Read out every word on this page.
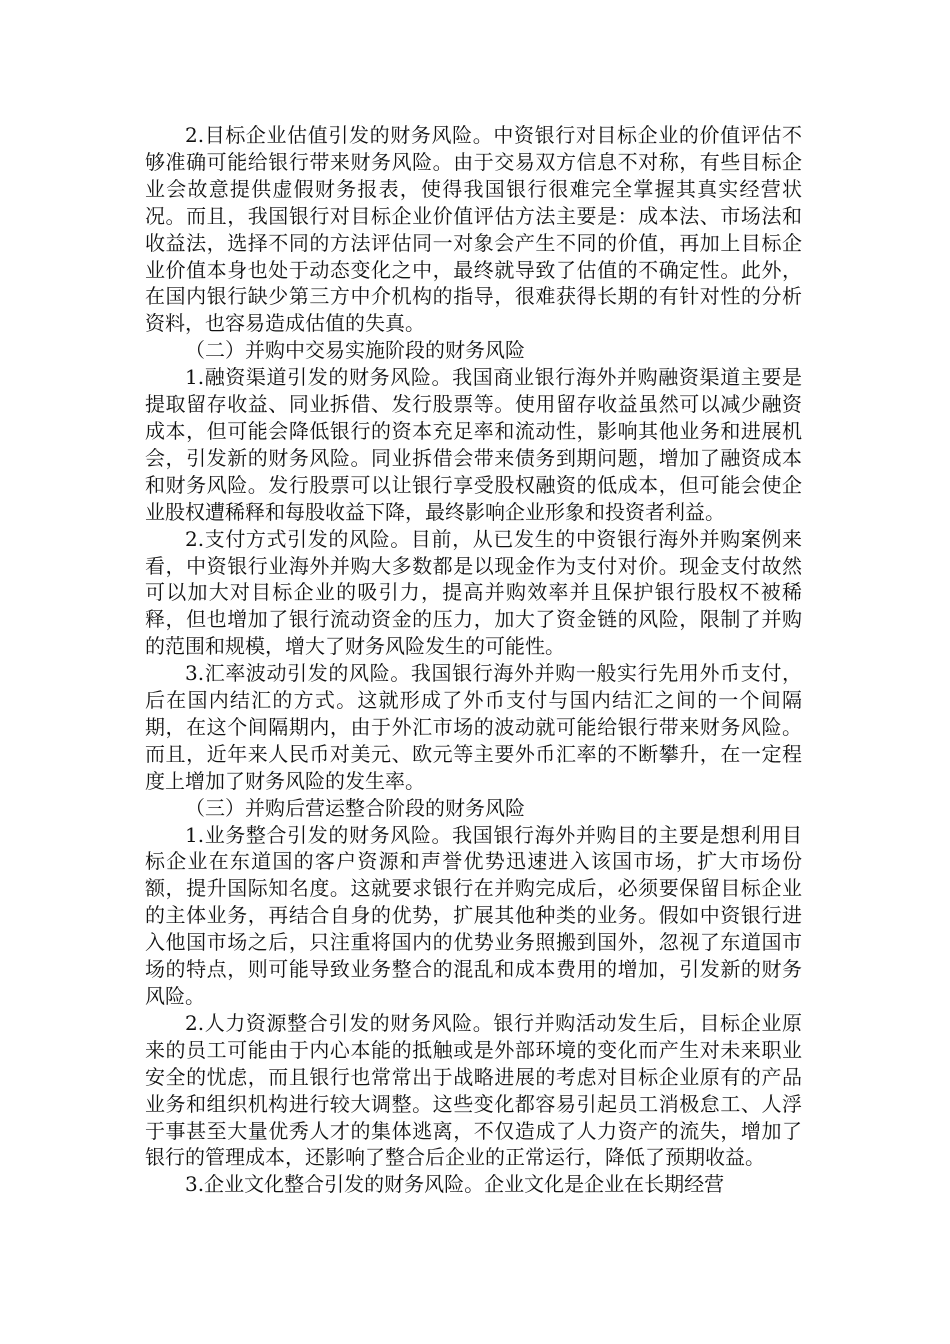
2.目标企业估值引发的财务风险。中资银行对目标企业的价值评估不够准确可能给银行带来财务风险。由于交易双方信息不对称，有些目标企业会故意提供虚假财务报表，使得我国银行很难完全掌握其真实经营状况。而且，我国银行对目标企业价值评估方法主要是：成本法、市场法和收益法，选择不同的方法评估同一对象会产生不同的价值，再加上目标企业价值本身也处于动态变化之中，最终就导致了估值的不确定性。此外，在国内银行缺少第三方中介机构的指导，很难获得长期的有针对性的分析资料，也容易造成估值的失真。

（二）并购中交易实施阶段的财务风险

1.融资渠道引发的财务风险。我国商业银行海外并购融资渠道主要是提取留存收益、同业拆借、发行股票等。使用留存收益虽然可以减少融资成本，但可能会降低银行的资本充足率和流动性，影响其他业务和进展机会，引发新的财务风险。同业拆借会带来债务到期问题，增加了融资成本和财务风险。发行股票可以让银行享受股权融资的低成本，但可能会使企业股权遭稀释和每股收益下降，最终影响企业形象和投资者利益。

2.支付方式引发的风险。目前，从已发生的中资银行海外并购案例来看，中资银行业海外并购大多数都是以现金作为支付对价。现金支付故然可以加大对目标企业的吸引力，提高并购效率并且保护银行股权不被稀释，但也增加了银行流动资金的压力，加大了资金链的风险，限制了并购的范围和规模，增大了财务风险发生的可能性。

3.汇率波动引发的风险。我国银行海外并购一般实行先用外币支付，后在国内结汇的方式。这就形成了外币支付与国内结汇之间的一个间隔期，在这个间隔期内，由于外汇市场的波动就可能给银行带来财务风险。而且，近年来人民币对美元、欧元等主要外币汇率的不断攀升，在一定程度上增加了财务风险的发生率。

（三）并购后营运整合阶段的财务风险

1.业务整合引发的财务风险。我国银行海外并购目的主要是想利用目标企业在东道国的客户资源和声誉优势迅速进入该国市场，扩大市场份额，提升国际知名度。这就要求银行在并购完成后，必须要保留目标企业的主体业务，再结合自身的优势，扩展其他种类的业务。假如中资银行进入他国市场之后，只注重将国内的优势业务照搬到国外，忽视了东道国市场的特点，则可能导致业务整合的混乱和成本费用的增加，引发新的财务风险。

2.人力资源整合引发的财务风险。银行并购活动发生后，目标企业原来的员工可能由于内心本能的抵触或是外部环境的变化而产生对未来职业安全的忧虑，而且银行也常常出于战略进展的考虑对目标企业原有的产品业务和组织机构进行较大调整。这些变化都容易引起员工消极怠工、人浮于事甚至大量优秀人才的集体逃离，不仅造成了人力资产的流失，增加了银行的管理成本，还影响了整合后企业的正常运行，降低了预期收益。

3.企业文化整合引发的财务风险。企业文化是企业在长期经营
